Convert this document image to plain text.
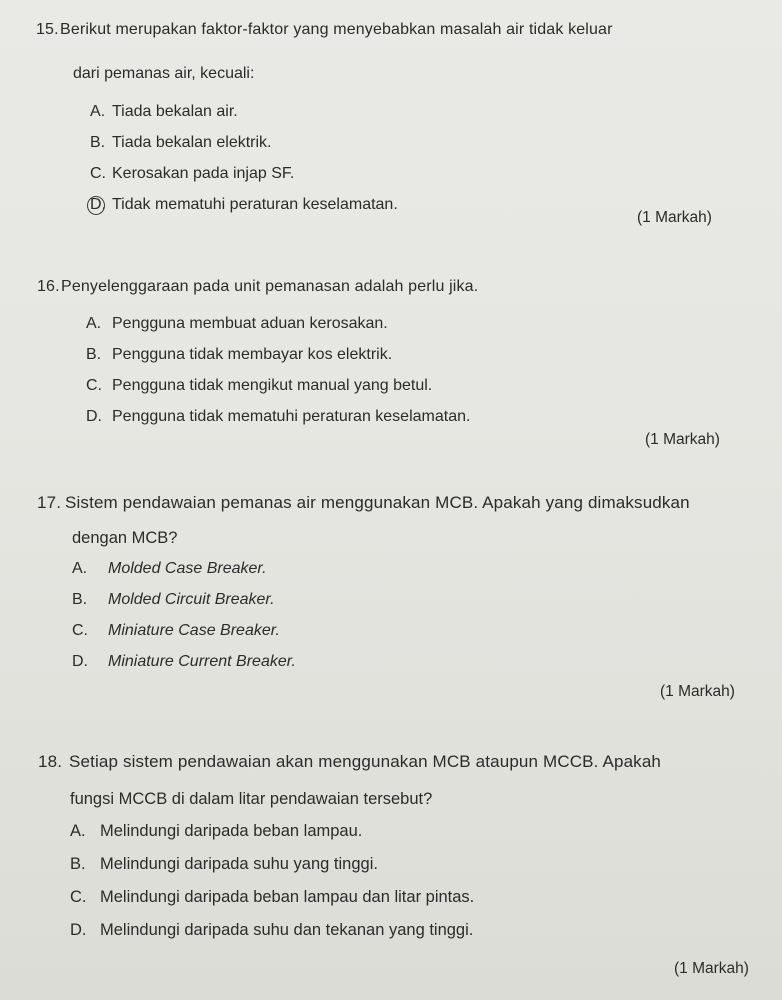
15.Berikut merupakan faktor-faktor yang menyebabkan masalah air tidak keluar
dari pemanas air, kecuali:
A. Tiada bekalan air.
B. Tiada bekalan elektrik.
C. Kerosakan pada injap SF.
D. Tidak mematuhi peraturan keselamatan.
(1 Markah)
16.Penyelenggaraan pada unit pemanasan adalah perlu jika.
A. Pengguna membuat aduan kerosakan.
B. Pengguna tidak membayar kos elektrik.
C. Pengguna tidak mengikut manual yang betul.
D. Pengguna tidak mematuhi peraturan keselamatan.
(1 Markah)
17. Sistem pendawaian pemanas air menggunakan MCB. Apakah yang dimaksudkan
dengan MCB?
A. Molded Case Breaker.
B. Molded Circuit Breaker.
C. Miniature Case Breaker.
D. Miniature Current Breaker.
(1 Markah)
18. Setiap sistem pendawaian akan menggunakan MCB ataupun MCCB. Apakah
fungsi MCCB di dalam litar pendawaian tersebut?
A. Melindungi daripada beban lampau.
B. Melindungi daripada suhu yang tinggi.
C. Melindungi daripada beban lampau dan litar pintas.
D. Melindungi daripada suhu dan tekanan yang tinggi.
(1 Markah)
